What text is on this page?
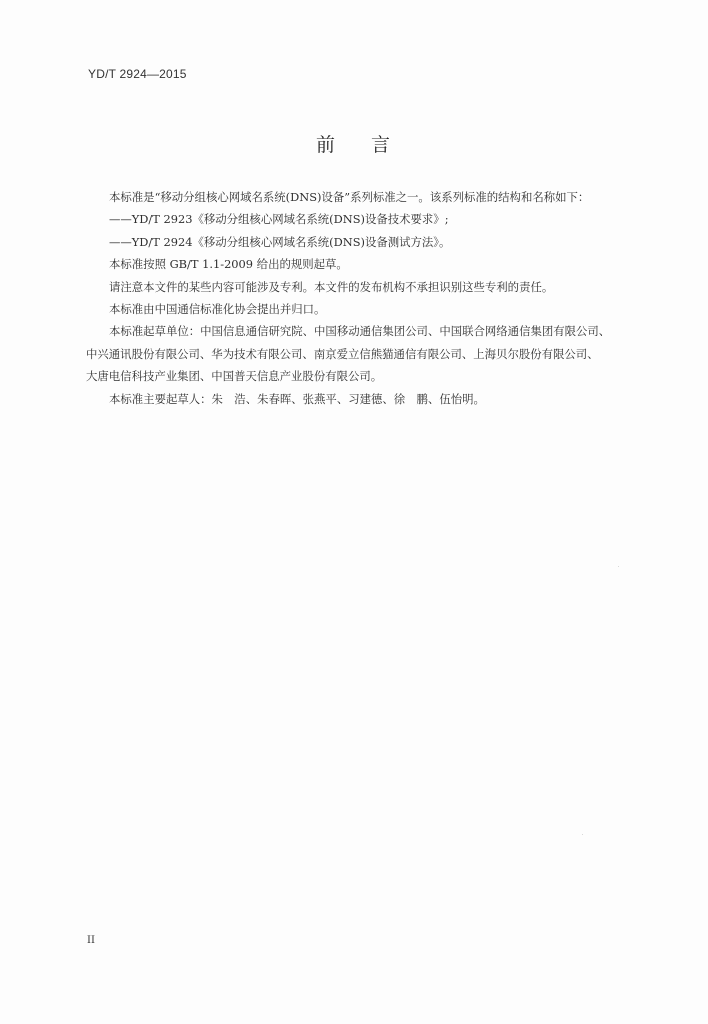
YD/T 2924—2015
前 言

本标准是“移动分组核心网域名系统(DNS)设备”系列标准之一。该系列标准的结构和名称如下：

——YD/T 2923《移动分组核心网域名系统(DNS)设备技术要求》;

——YD/T 2924《移动分组核心网域名系统(DNS)设备测试方法》。

本标准按照 GB/T 1.1-2009 给出的规则起草。

请注意本文件的某些内容可能涉及专利。本文件的发布机构不承担识别这些专利的责任。

本标准由中国通信标准化协会提出并归口。

本标准起草单位：中国信息通信研究院、中国移动通信集团公司、中国联合网络通信集团有限公司、
中兴通讯股份有限公司、华为技术有限公司、南京爱立信熊猫通信有限公司、上海贝尔股份有限公司、
大唐电信科技产业集团、中国普天信息产业股份有限公司。

本标准主要起草人：朱　浩、朱春晖、张燕平、习建德、徐　鹏、伍怡明。

II
